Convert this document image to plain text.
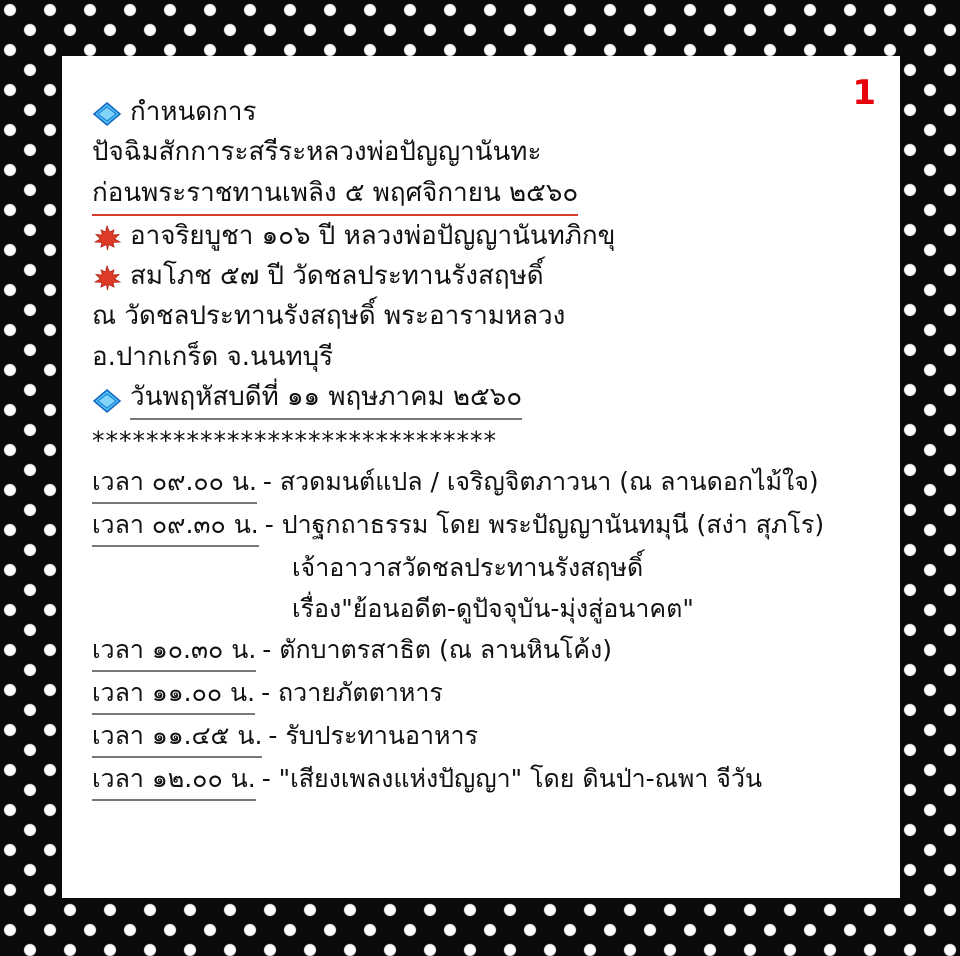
1
กำหนดการ
ปัจฉิมสักการะสรีระหลวงพ่อปัญญานันทะ
ก่อนพระราชทานเพลิง ๕ พฤศจิกายน ๒๕๖๐
อาจริยบูชา ๑๐๖ ปี หลวงพ่อปัญญานันทภิกขุ
สมโภช ๕๗ ปี วัดชลประทานรังสฤษดิ์
ณ วัดชลประทานรังสฤษดิ์ พระอารามหลวง
อ.ปากเกร็ด จ.นนทบุรี
วันพฤหัสบดีที่ ๑๑ พฤษภาคม ๒๕๖๐
******************************
เวลา ๐๙.๐๐ น. - สวดมนต์แปล / เจริญจิตภาวนา (ณ ลานดอกไม้ใจ)
เวลา ๐๙.๓๐ น. - ปาฐกถาธรรม โดย พระปัญญานันทมุนี (สง่า สุภโร)
เจ้าอาวาสวัดชลประทานรังสฤษดิ์
เรื่อง"ย้อนอดีต-ดูปัจจุบัน-มุ่งสู่อนาคต"
เวลา ๑๐.๓๐ น. - ตักบาตรสาธิต (ณ ลานหินโค้ง)
เวลา ๑๑.๐๐ น. - ถวายภัตตาหาร
เวลา ๑๑.๔๕ น. - รับประทานอาหาร
เวลา ๑๒.๐๐ น. - "เสียงเพลงแห่งปัญญา" โดย ดินป่า-ณพา จีวัน
